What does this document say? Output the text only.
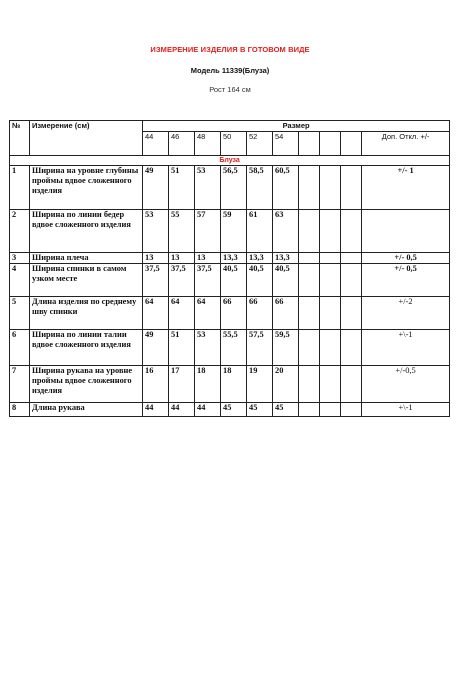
ИЗМЕРЕНИЕ ИЗДЕЛИЯ В ГОТОВОМ ВИДЕ
Модель 11339(Блуза)
Рост 164 см
№	Измерение (см)	Размер									
		44	46	48	50	52	54				Доп. Откл. +/-
Блуза											
1	Ширина на уровне глубины проймы вдвое сложенного изделия	49	51	53	56,5	58,5	60,5				+/- 1
2	Ширина по линии бедер вдвое сложенного изделия	53	55	57	59	61	63				
3	Ширина плеча	13	13	13	13,3	13,3	13,3				+/- 0,5
4	Ширина спинки в самом узком месте	37,5	37,5	37,5	40,5	40,5	40,5				+/- 0,5
5	Длина изделия по среднему шву спинки	64	64	64	66	66	66				+/-2
6	Ширина по линии талии вдвое сложенного изделия	49	51	53	55,5	57,5	59,5				+\-1
7	Ширина рукава на уровне проймы вдвое сложенного изделия	16	17	18	18	19	20				+/-0,5
8	Длина рукава	44	44	44	45	45	45				+\-1
